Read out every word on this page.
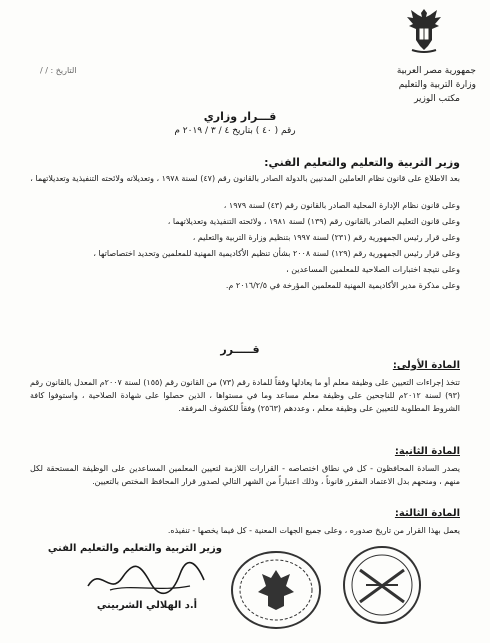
جمهورية مصر العربية
وزارة التربية والتعليم
مكتب الوزير
التاريخ : / /
قـــرار وزاري
رقم ( ٤٠ ) بتاريخ ٤ / ٣ / ٢٠١٩ م
وزير التربية والتعليم والتعليم الفني:
بعد الاطلاع على قانون نظام العاملين المدنيين بالدولة الصادر بالقانون رقم (٤٧) لسنة ١٩٧٨ ، وتعديلاته ولائحته التنفيذية وتعديلاتهما ،
وعلى قانون نظام الإدارة المحلية الصادر بالقانون رقم (٤٣) لسنة ١٩٧٩ ،
وعلى قانون التعليم الصادر بالقانون رقم (١٣٩) لسنة ١٩٨١ ، ولائحته التنفيذية وتعديلاتهما ،
وعلى قرار رئيس الجمهورية رقم (٢٣١) لسنة ١٩٩٧ بتنظيم وزارة التربية والتعليم ،
وعلى قرار رئيس الجمهورية رقم (١٢٩) لسنة ٢٠٠٨ بشأن تنظيم الأكاديمية المهنية للمعلمين وتحديد اختصاصاتها ،
وعلى نتيجة اختبارات الصلاحية للمعلمين المساعدين ،
وعلى مذكرة مدير الأكاديمية المهنية للمعلمين المؤرخة في ٢٠١٦/٢/٥ م.
قـــــرر
المادة الأولى:
تتخذ إجراءات التعيين على وظيفة معلم أو ما يعادلها وفقاً للمادة رقم (٧٣) من القانون رقم (١٥٥) لسنة ٢٠٠٧م المعدل بالقانون رقم (٩٣) لسنة ٢٠١٢م للناجحين على وظيفة معلم مساعد وما في مستواها ، الذين حصلوا على شهادة الصلاحية ، واستوفوا كافة الشروط المطلوبة للتعيين على وظيفة معلم ، وعددهم (٢٥٦٣) وفقاً للكشوف المرفقة.
المادة الثانية:
يصدر السادة المحافظون - كل في نطاق اختصاصه - القرارات اللازمة لتعيين المعلمين المساعدين على الوظيفة المستحقة لكل منهم ، ومنحهم بدل الاعتماد المقرر قانوناً ، وذلك اعتباراً من الشهر التالي لصدور قرار المحافظ المختص بالتعيين.
المادة الثالثة:
يعمل بهذا القرار من تاريخ صدوره ، وعلى جميع الجهات المعنية - كل فيما يخصها - تنفيذه.
وزير التربية والتعليم والتعليم الفني
أ.د الهلالي الشربيني
